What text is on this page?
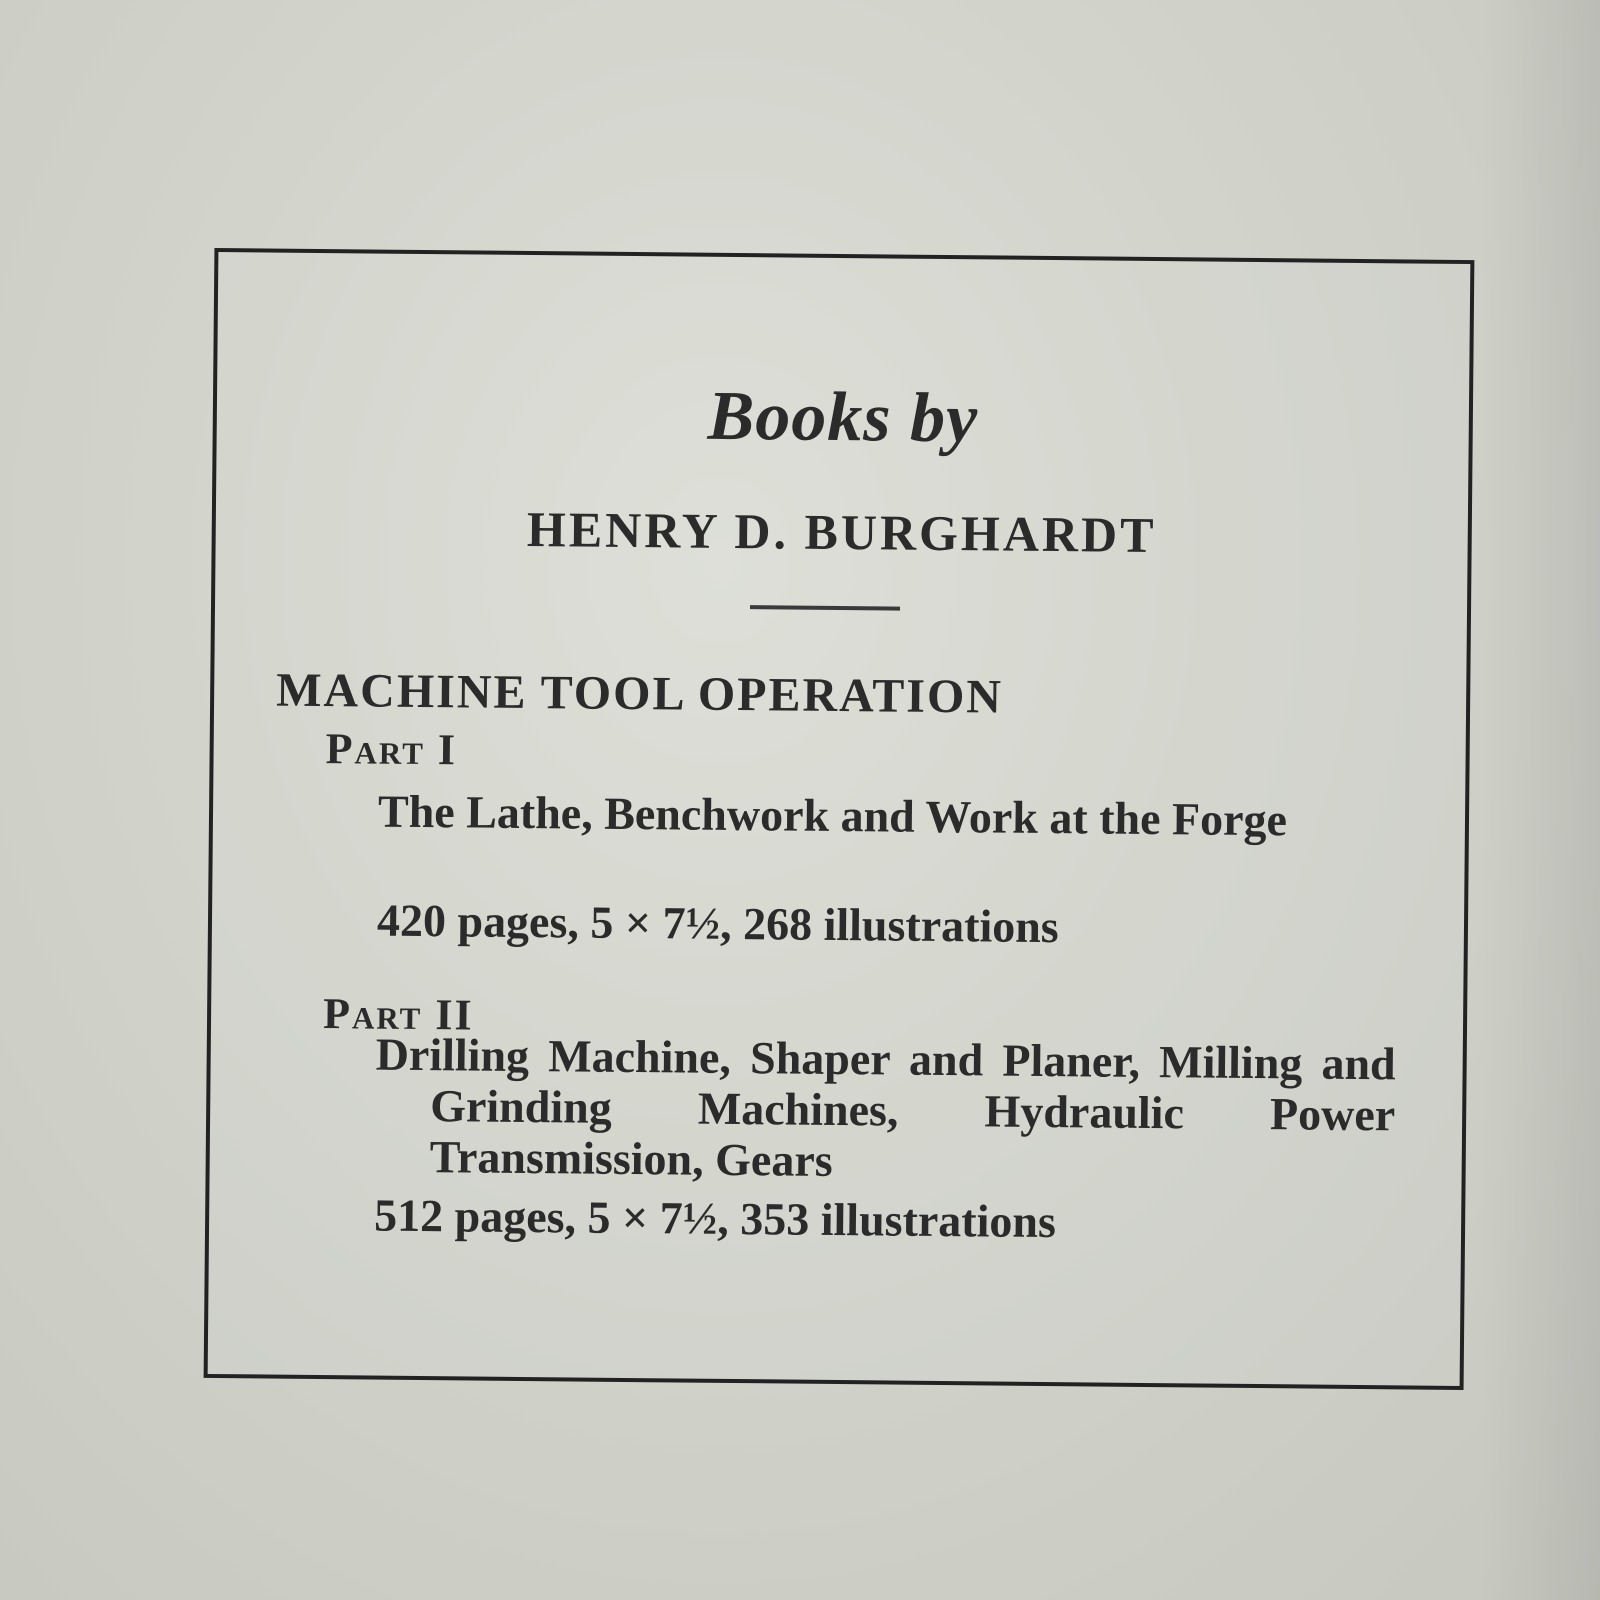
Books by
HENRY D. BURGHARDT
MACHINE TOOL OPERATION
Part I
The Lathe, Benchwork and Work at the Forge
420 pages, 5 × 7½, 268 illustrations
Part II
Drilling Machine, Shaper and Planer, Milling and Grinding Machines, Hydraulic Power Transmission, Gears
512 pages, 5 × 7½, 353 illustrations
